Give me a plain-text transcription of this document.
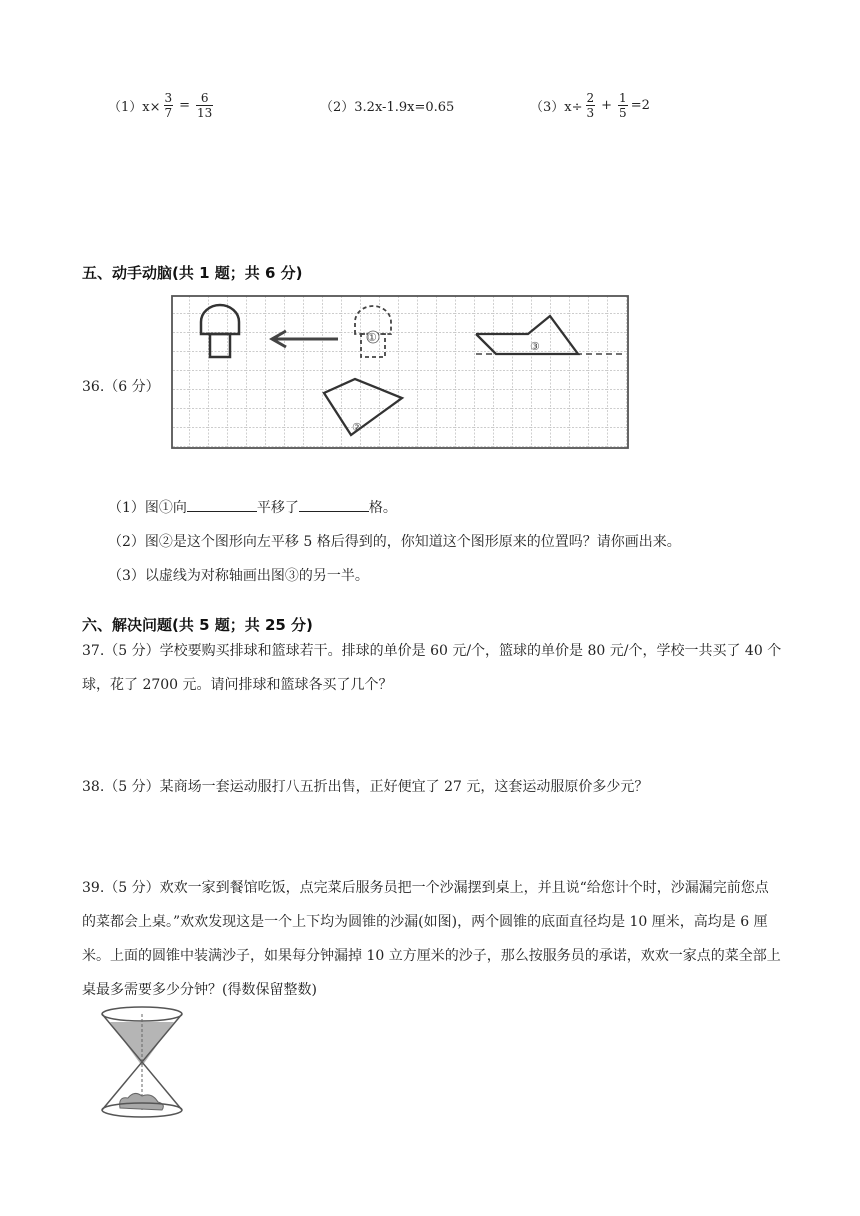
$(1)x\times \frac{3}{7} = \frac{6}{13}$	（2）3.2x-1.9x=0.65	$(3)x\div \frac{2}{3} + \frac{1}{5} =2$
五、动手动脑(共 1 题；共 6 分)
36.（6 分）
①
③
②
（1）图①向	平移了	格。
（2）图②是这个图形向左平移 5 格后得到的，你知道这个图形原来的位置吗？请你画出来。
（3）以虚线为对称轴画出图③的另一半。
六、解决问题(共 5 题；共 25 分)
37.（5 分）学校要购买排球和篮球若干。排球的单价是 60 元/个，篮球的单价是 80 元/个，学校一共买了 40 个球，花了 2700 元。请问排球和篮球各买了几个？
38.（5 分）某商场一套运动服打八五折出售，正好便宜了 27 元，这套运动服原价多少元？
39.（5 分）欢欢一家到餐馆吃饭，点完菜后服务员把一个沙漏摆到桌上，并且说“给您计个时，沙漏漏完前您点的菜都会上桌。”欢欢发现这是一个上下均为圆锥的沙漏(如图)，两个圆锥的底面直径均是 10 厘米，高均是 6 厘米。上面的圆锥中装满沙子，如果每分钟漏掉 10 立方厘米的沙子，那么按服务员的承诺，欢欢一家点的菜全部上桌最多需要多少分钟？(得数保留整数)
